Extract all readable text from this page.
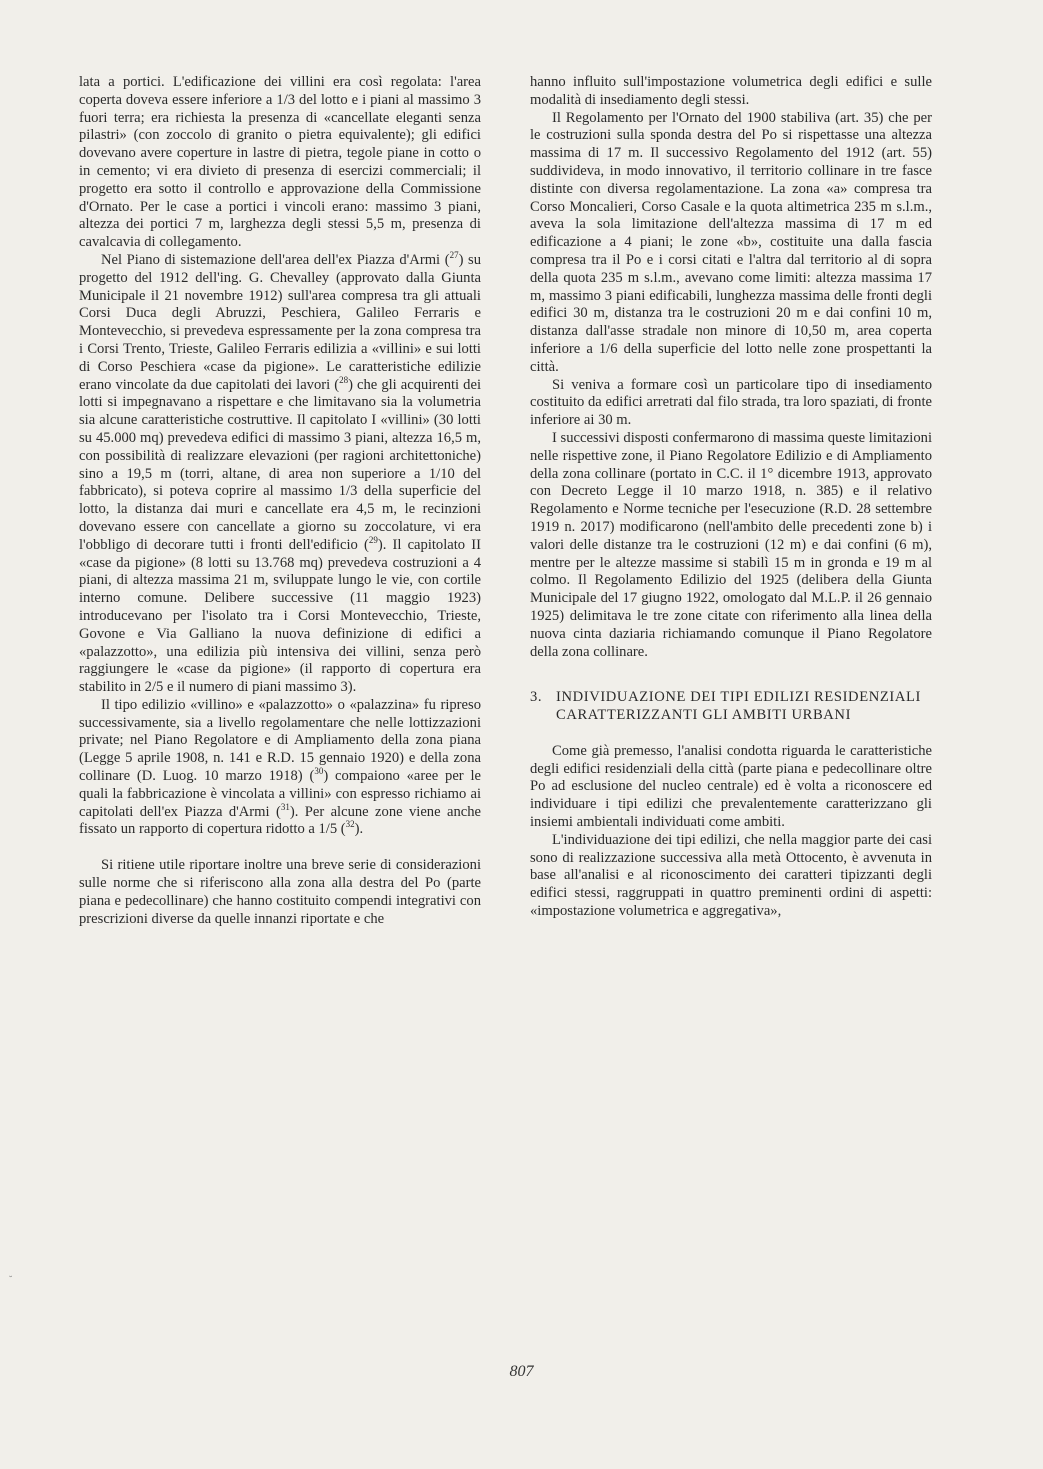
lata a portici. L'edificazione dei villini era così regolata: l'area coperta doveva essere inferiore a 1/3 del lotto e i piani al massimo 3 fuori terra; era richiesta la presenza di «cancellate eleganti senza pilastri» (con zoccolo di granito o pietra equivalente); gli edifici dovevano avere coperture in lastre di pietra, tegole piane in cotto o in cemento; vi era divieto di presenza di esercizi commerciali; il progetto era sotto il controllo e approvazione della Commissione d'Ornato. Per le case a portici i vincoli erano: massimo 3 piani, altezza dei portici 7 m, larghezza degli stessi 5,5 m, presenza di cavalcavia di collegamento.

Nel Piano di sistemazione dell'area dell'ex Piazza d'Armi ($^{27}$) su progetto del 1912 dell'ing. G. Chevalley (approvato dalla Giunta Municipale il 21 novembre 1912) sull'area compresa tra gli attuali Corsi Duca degli Abruzzi, Peschiera, Galileo Ferraris e Montevecchio, si prevedeva espressamente per la zona compresa tra i Corsi Trento, Trieste, Galileo Ferraris edilizia a «villini» e sui lotti di Corso Peschiera «case da pigione». Le caratteristiche edilizie erano vincolate da due capitolati dei lavori ($^{28}$) che gli acquirenti dei lotti si impegnavano a rispettare e che limitavano sia la volumetria sia alcune caratteristiche costruttive. Il capitolato I «villini» (30 lotti su 45.000 mq) prevedeva edifici di massimo 3 piani, altezza 16,5 m, con possibilità di realizzare elevazioni (per ragioni architettoniche) sino a 19,5 m (torri, altane, di area non superiore a 1/10 del fabbricato), si poteva coprire al massimo 1/3 della superficie del lotto, la distanza dai muri e cancellate era 4,5 m, le recinzioni dovevano essere con cancellate a giorno su zoccolature, vi era l'obbligo di decorare tutti i fronti dell'edificio ($^{29}$). Il capitolato II «case da pigione» (8 lotti su 13.768 mq) prevedeva costruzioni a 4 piani, di altezza massima 21 m, sviluppate lungo le vie, con cortile interno comune. Delibere successive (11 maggio 1923) introducevano per l'isolato tra i Corsi Montevecchio, Trieste, Govone e Via Galliano la nuova definizione di edifici a «palazzotto», una edilizia più intensiva dei villini, senza però raggiungere le «case da pigione» (il rapporto di copertura era stabilito in 2/5 e il numero di piani massimo 3).

Il tipo edilizio «villino» e «palazzotto» o «palazzina» fu ripreso successivamente, sia a livello regolamentare che nelle lottizzazioni private; nel Piano Regolatore e di Ampliamento della zona piana (Legge 5 aprile 1908, n. 141 e R.D. 15 gennaio 1920) e della zona collinare (D. Luog. 10 marzo 1918) ($^{30}$) compaiono «aree per le quali la fabbricazione è vincolata a villini» con espresso richiamo ai capitolati dell'ex Piazza d'Armi ($^{31}$). Per alcune zone viene anche fissato un rapporto di copertura ridotto a 1/5 ($^{32}$).

Si ritiene utile riportare inoltre una breve serie di considerazioni sulle norme che si riferiscono alla zona alla destra del Po (parte piana e pedecollinare) che hanno costituito compendi integrativi con prescrizioni diverse da quelle innanzi riportate e che

hanno influito sull'impostazione volumetrica degli edifici e sulle modalità di insediamento degli stessi.

Il Regolamento per l'Ornato del 1900 stabiliva (art. 35) che per le costruzioni sulla sponda destra del Po si rispettasse una altezza massima di 17 m. Il successivo Regolamento del 1912 (art. 55) suddivideva, in modo innovativo, il territorio collinare in tre fasce distinte con diversa regolamentazione. La zona «a» compresa tra Corso Moncalieri, Corso Casale e la quota altimetrica 235 m s.l.m., aveva la sola limitazione dell'altezza massima di 17 m ed edificazione a 4 piani; le zone «b», costituite una dalla fascia compresa tra il Po e i corsi citati e l'altra dal territorio al di sopra della quota 235 m s.l.m., avevano come limiti: altezza massima 17 m, massimo 3 piani edificabili, lunghezza massima delle fronti degli edifici 30 m, distanza tra le costruzioni 20 m e dai confini 10 m, distanza dall'asse stradale non minore di 10,50 m, area coperta inferiore a 1/6 della superficie del lotto nelle zone prospettanti la città.

Si veniva a formare così un particolare tipo di insediamento costituito da edifici arretrati dal filo strada, tra loro spaziati, di fronte inferiore ai 30 m.

I successivi disposti confermarono di massima queste limitazioni nelle rispettive zone, il Piano Regolatore Edilizio e di Ampliamento della zona collinare (portato in C.C. il 1° dicembre 1913, approvato con Decreto Legge il 10 marzo 1918, n. 385) e il relativo Regolamento e Norme tecniche per l'esecuzione (R.D. 28 settembre 1919 n. 2017) modificarono (nell'ambito delle precedenti zone b) i valori delle distanze tra le costruzioni (12 m) e dai confini (6 m), mentre per le altezze massime si stabilì 15 m in gronda e 19 m al colmo. Il Regolamento Edilizio del 1925 (delibera della Giunta Municipale del 17 giugno 1922, omologato dal M.L.P. il 26 gennaio 1925) delimitava le tre zone citate con riferimento alla linea della nuova cinta daziaria richiamando comunque il Piano Regolatore della zona collinare.

3. INDIVIDUAZIONE DEI TIPI EDILIZI RESIDENZIALI CARATTERIZZANTI GLI AMBITI URBANI

Come già premesso, l'analisi condotta riguarda le caratteristiche degli edifici residenziali della città (parte piana e pedecollinare oltre Po ad esclusione del nucleo centrale) ed è volta a riconoscere ed individuare i tipi edilizi che prevalentemente caratterizzano gli insiemi ambientali individuati come ambiti.

L'individuazione dei tipi edilizi, che nella maggior parte dei casi sono di realizzazione successiva alla metà Ottocento, è avvenuta in base all'analisi e al riconoscimento dei caratteri tipizzanti degli edifici stessi, raggruppati in quattro preminenti ordini di aspetti: «impostazione volumetrica e aggregativa»,

˘
807
